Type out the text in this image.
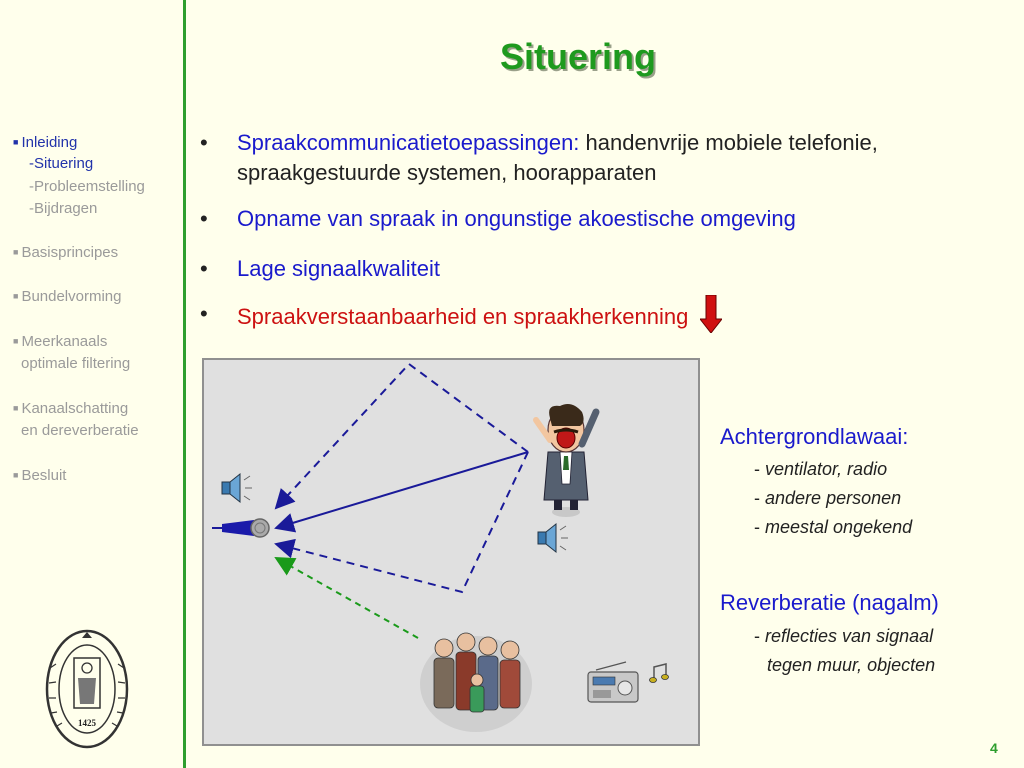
Situering
■ Inleiding
-Situering
-Probleemstelling
-Bijdragen
■ Basisprincipes
■ Bundelvorming
■ Meerkanaals
optimale filtering
■ Kanaalschatting
en dereverberatie
■ Besluit
1425
• Spraakcommunicatietoepassingen: handenvrije mobiele telefonie, spraakgestuurde systemen, hoorapparaten
• Opname van spraak in ongunstige akoestische omgeving
• Lage signaalkwaliteit
• Spraakverstaanbaarheid en spraakherkenning
Achtergrondlawaai:
- ventilator, radio
- andere personen
- meestal ongekend
Reverberatie (nagalm)
- reflecties van signaal
tegen muur, objecten
4
